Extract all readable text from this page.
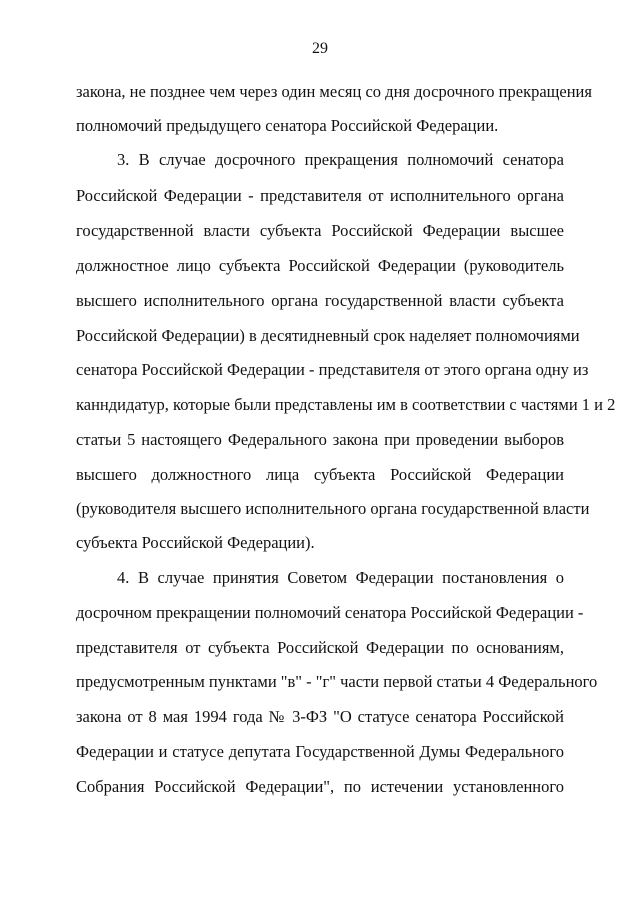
29
закона, не позднее чем через один месяц со дня досрочного прекращения
полномочий предыдущего сенатора Российской Федерации.
3. В случае досрочного прекращения полномочий сенатора
Российской Федерации - представителя от исполнительного органа
государственной власти субъекта Российской Федерации высшее
должностное лицо субъекта Российской Федерации (руководитель
высшего исполнительного органа государственной власти субъекта
Российской Федерации) в десятидневный срок наделяет полномочиями
сенатора Российской Федерации - представителя от этого органа одну из
канндидатур, которые были представлены им в соответствии с частями 1 и 2
статьи 5 настоящего Федерального закона при проведении выборов
высшего должностного лица субъекта Российской Федерации
(руководителя высшего исполнительного органа государственной власти
субъекта Российской Федерации).
4. В случае принятия Советом Федерации постановления о
досрочном прекращении полномочий сенатора Российской Федерации -
представителя от субъекта Российской Федерации по основаниям,
предусмотренным пунктами "в" - "г" части первой статьи 4 Федерального
закона от 8 мая 1994 года № 3-ФЗ "О статусе сенатора Российской
Федерации и статусе депутата Государственной Думы Федерального
Собрания Российской Федерации", по истечении установленного
